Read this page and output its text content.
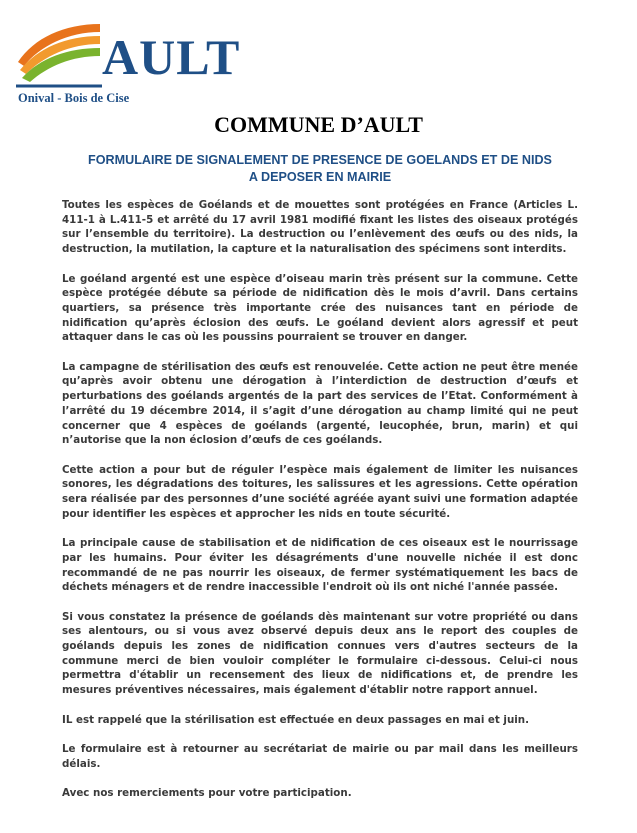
AULT
Onival - Bois de Cise
COMMUNE D’AULT
FORMULAIRE DE SIGNALEMENT DE PRESENCE DE GOELANDS ET DE NIDS
A DEPOSER EN MAIRIE

Toutes les espèces de Goélands et de mouettes sont protégées en France (Articles L. 411-1 à L.411-5 et arrêté du 17 avril 1981 modifié fixant les listes des oiseaux protégés sur l’ensemble du territoire). La destruction ou l’enlèvement des œufs ou des nids, la destruction, la mutilation, la capture et la naturalisation des spécimens sont interdits.

Le goéland argenté est une espèce d’oiseau marin très présent sur la commune. Cette espèce protégée débute sa période de nidification dès le mois d’avril. Dans certains quartiers, sa présence très importante crée des nuisances tant en période de nidification qu’après éclosion des œufs. Le goéland devient alors agressif et peut attaquer dans le cas où les poussins pourraient se trouver en danger.

La campagne de stérilisation des œufs est renouvelée. Cette action ne peut être menée qu’après avoir obtenu une dérogation à l’interdiction de destruction d’œufs et perturbations des goélands argentés de la part des services de l’Etat. Conformément à l’arrêté du 19 décembre 2014, il s’agit d’une dérogation au champ limité qui ne peut concerner que 4 espèces de goélands (argenté, leucophée, brun, marin) et qui n’autorise que la non éclosion d’œufs de ces goélands.

Cette action a pour but de réguler l’espèce mais également de limiter les nuisances sonores, les dégradations des toitures, les salissures et les agressions. Cette opération sera réalisée par des personnes d’une société agréée ayant suivi une formation adaptée pour identifier les espèces et approcher les nids en toute sécurité.

La principale cause de stabilisation et de nidification de ces oiseaux est le nourrissage par les humains. Pour éviter les désagréments d'une nouvelle nichée il est donc recommandé de ne pas nourrir les oiseaux, de fermer systématiquement les bacs de déchets ménagers et de rendre inaccessible l'endroit où ils ont niché l'année passée.

Si vous constatez la présence de goélands dès maintenant sur votre propriété ou dans ses alentours, ou si vous avez observé depuis deux ans le report des couples de goélands depuis les zones de nidification connues vers d'autres secteurs de la commune merci de bien vouloir compléter le formulaire ci-dessous. Celui-ci nous permettra d'établir un recensement des lieux de nidifications et, de prendre les mesures préventives nécessaires, mais également d'établir notre rapport annuel.

IL est rappelé que la stérilisation est effectuée en deux passages en mai et juin.

Le formulaire est à retourner au secrétariat de mairie ou par mail dans les meilleurs délais.

Avec nos remerciements pour votre participation.
